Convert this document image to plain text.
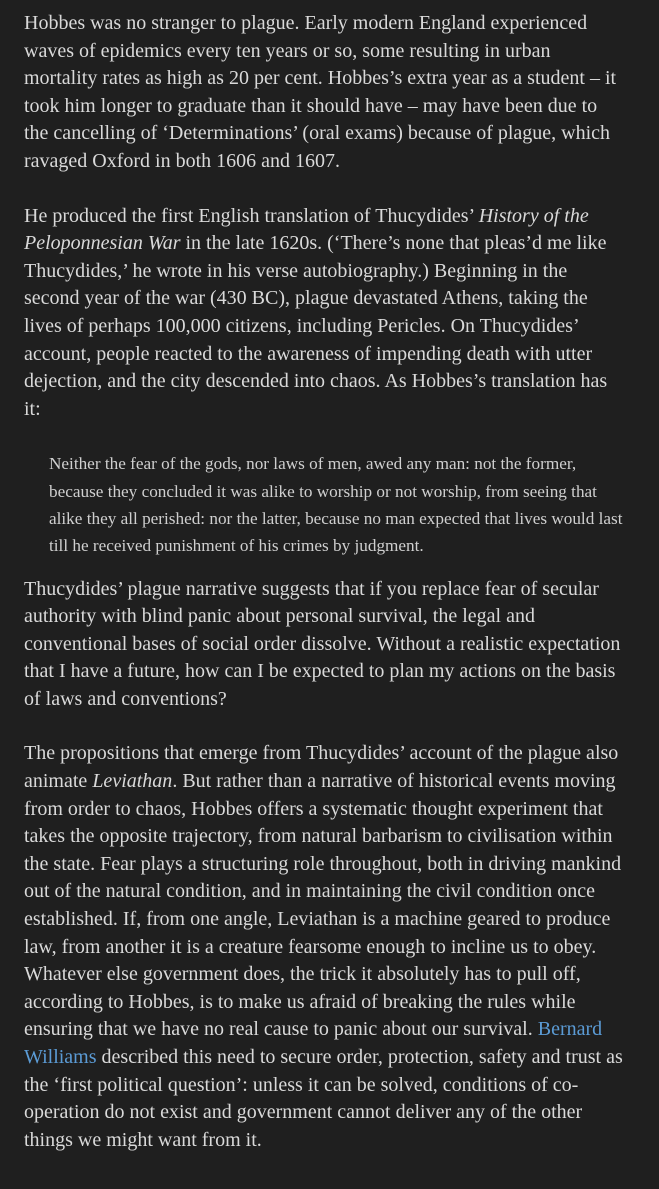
Hobbes was no stranger to plague. Early modern England experienced waves of epidemics every ten years or so, some resulting in urban mortality rates as high as 20 per cent. Hobbes’s extra year as a student – it took him longer to graduate than it should have – may have been due to the cancelling of ‘Determinations’ (oral exams) because of plague, which ravaged Oxford in both 1606 and 1607.

He produced the first English translation of Thucydides’ History of the Peloponnesian War in the late 1620s. (‘There’s none that pleas’d me like Thucydides,’ he wrote in his verse autobiography.) Beginning in the second year of the war (430 BC), plague devastated Athens, taking the lives of perhaps 100,000 citizens, including Pericles. On Thucydides’ account, people reacted to the awareness of impending death with utter dejection, and the city descended into chaos. As Hobbes’s translation has it:

Neither the fear of the gods, nor laws of men, awed any man: not the former, because they concluded it was alike to worship or not worship, from seeing that alike they all perished: nor the latter, because no man expected that lives would last till he received punishment of his crimes by judgment.

Thucydides’ plague narrative suggests that if you replace fear of secular authority with blind panic about personal survival, the legal and conventional bases of social order dissolve. Without a realistic expectation that I have a future, how can I be expected to plan my actions on the basis of laws and conventions?

The propositions that emerge from Thucydides’ account of the plague also animate Leviathan. But rather than a narrative of historical events moving from order to chaos, Hobbes offers a systematic thought experiment that takes the opposite trajectory, from natural barbarism to civilisation within the state. Fear plays a structuring role throughout, both in driving mankind out of the natural condition, and in maintaining the civil condition once established. If, from one angle, Leviathan is a machine geared to produce law, from another it is a creature fearsome enough to incline us to obey. Whatever else government does, the trick it absolutely has to pull off, according to Hobbes, is to make us afraid of breaking the rules while ensuring that we have no real cause to panic about our survival. Bernard Williams described this need to secure order, protection, safety and trust as the ‘first political question’: unless it can be solved, conditions of co-operation do not exist and government cannot deliver any of the other things we might want from it.
